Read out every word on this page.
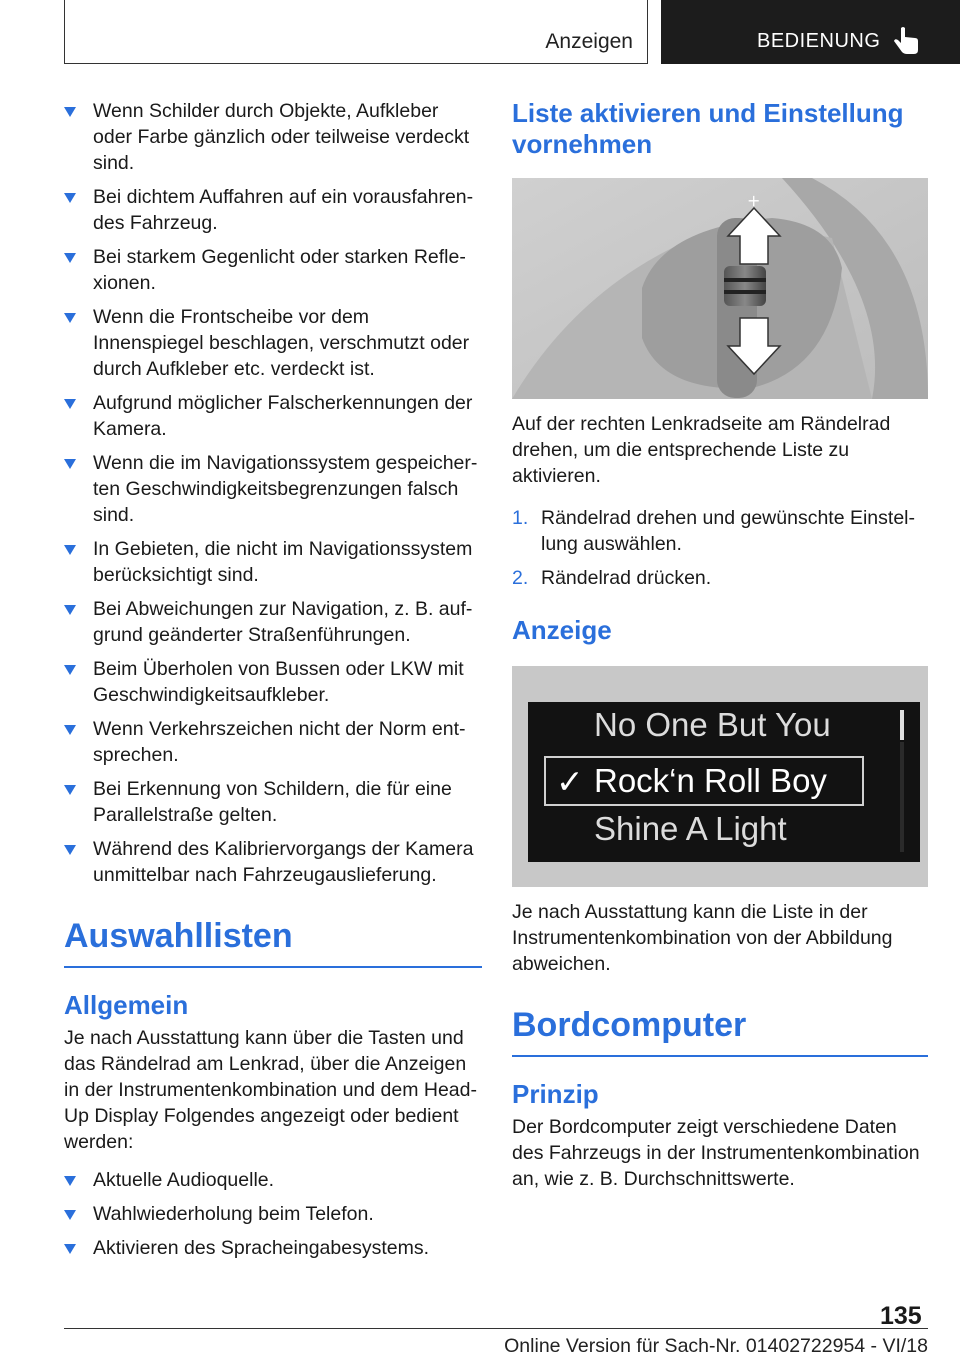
Anzeigen	BEDIENUNG
Wenn Schilder durch Objekte, Aufkleber oder Farbe gänzlich oder teilweise verdeckt sind.
Bei dichtem Auffahren auf ein vorausfahrendes Fahrzeug.
Bei starkem Gegenlicht oder starken Reflexionen.
Wenn die Frontscheibe vor dem Innenspiegel beschlagen, verschmutzt oder durch Aufkleber etc. verdeckt ist.
Aufgrund möglicher Falscherkennungen der Kamera.
Wenn die im Navigationssystem gespeicherten Geschwindigkeitsbegrenzungen falsch sind.
In Gebieten, die nicht im Navigationssystem berücksichtigt sind.
Bei Abweichungen zur Navigation, z. B. aufgrund geänderter Straßenführungen.
Beim Überholen von Bussen oder LKW mit Geschwindigkeitsaufkleber.
Wenn Verkehrszeichen nicht der Norm entsprechen.
Bei Erkennung von Schildern, die für eine Parallelstraße gelten.
Während des Kalibriervorgangs der Kamera unmittelbar nach Fahrzeugauslieferung.
Auswahllisten
Allgemein

Je nach Ausstattung kann über die Tasten und das Rändelrad am Lenkrad, über die Anzeigen in der Instrumentenkombination und dem Head-Up Display Folgendes angezeigt oder bedient werden:

Aktuelle Audioquelle.
Wahlwiederholung beim Telefon.
Aktivieren des Spracheingabesystems.
Liste aktivieren und Einstellung vornehmen
+

Auf der rechten Lenkradseite am Rändelrad drehen, um die entsprechende Liste zu aktivieren.

1. Rändelrad drehen und gewünschte Einstellung auswählen.
2. Rändelrad drücken.
Anzeige
No One But You
✓ Rock‘n Roll Boy
Shine A Light

Je nach Ausstattung kann die Liste in der Instrumentenkombination von der Abbildung abweichen.

Bordcomputer
Prinzip

Der Bordcomputer zeigt verschiedene Daten des Fahrzeugs in der Instrumentenkombination an, wie z. B. Durchschnittswerte.

135
Online Version für Sach-Nr. 01402722954 - VI/18
